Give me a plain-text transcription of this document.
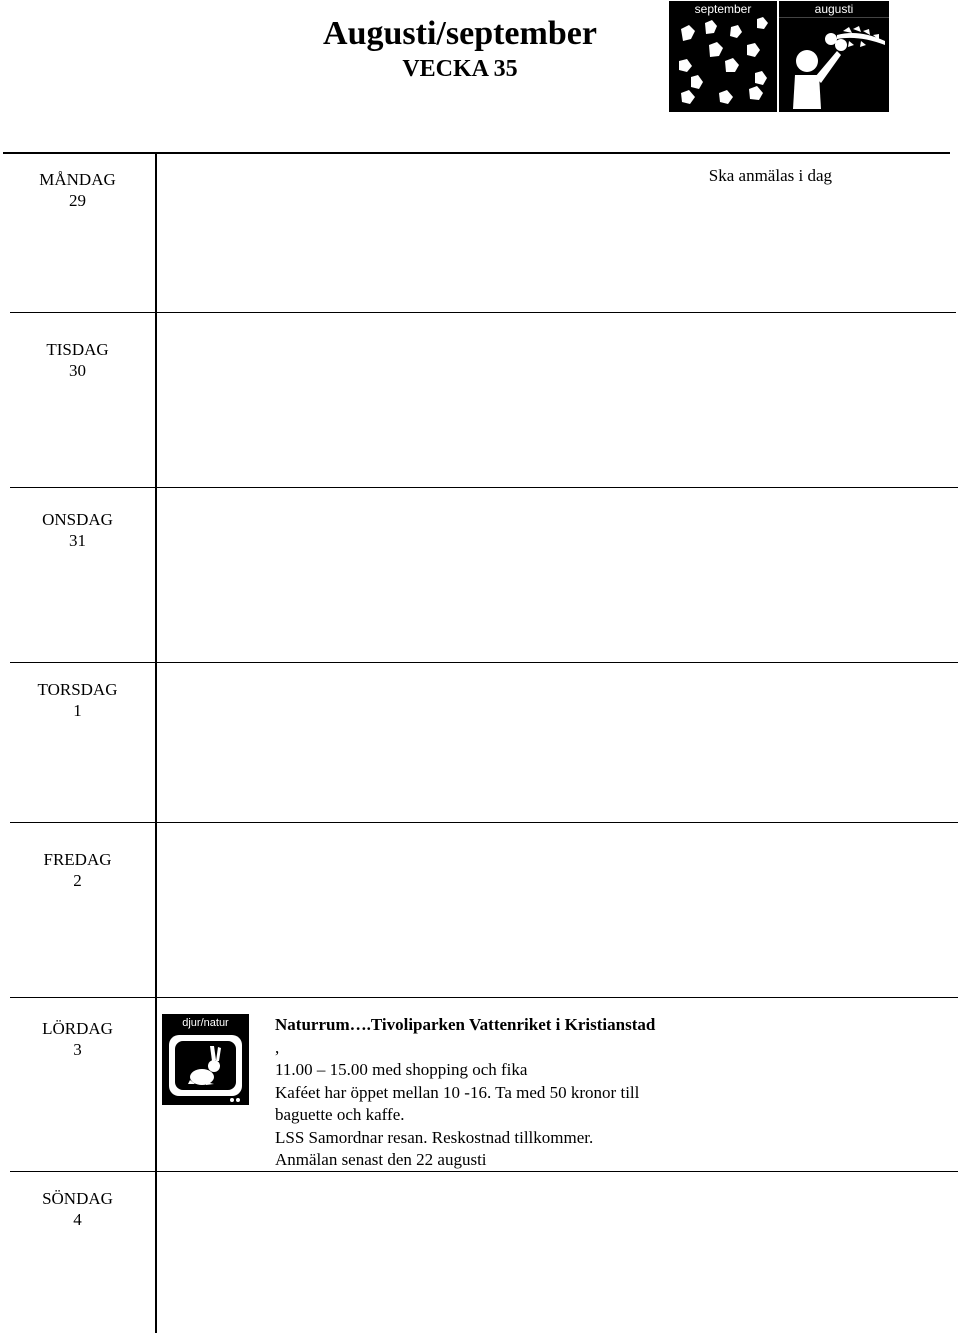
Augusti/september
VECKA 35
september	augusti
MÅNDAG
29
TISDAG
30
ONSDAG
31
TORSDAG
1
FREDAG
2
LÖRDAG
3
SÖNDAG
4
Ska anmälas i dag
djur/natur	Naturrum….Tivoliparken Vattenriket i Kristianstad
,
11.00 – 15.00 med shopping och fika
Kaféet har öppet mellan 10 -16. Ta med 50 kronor till
baguette och kaffe.
LSS Samordnar resan. Reskostnad tillkommer.
Anmälan senast den 22 augusti
